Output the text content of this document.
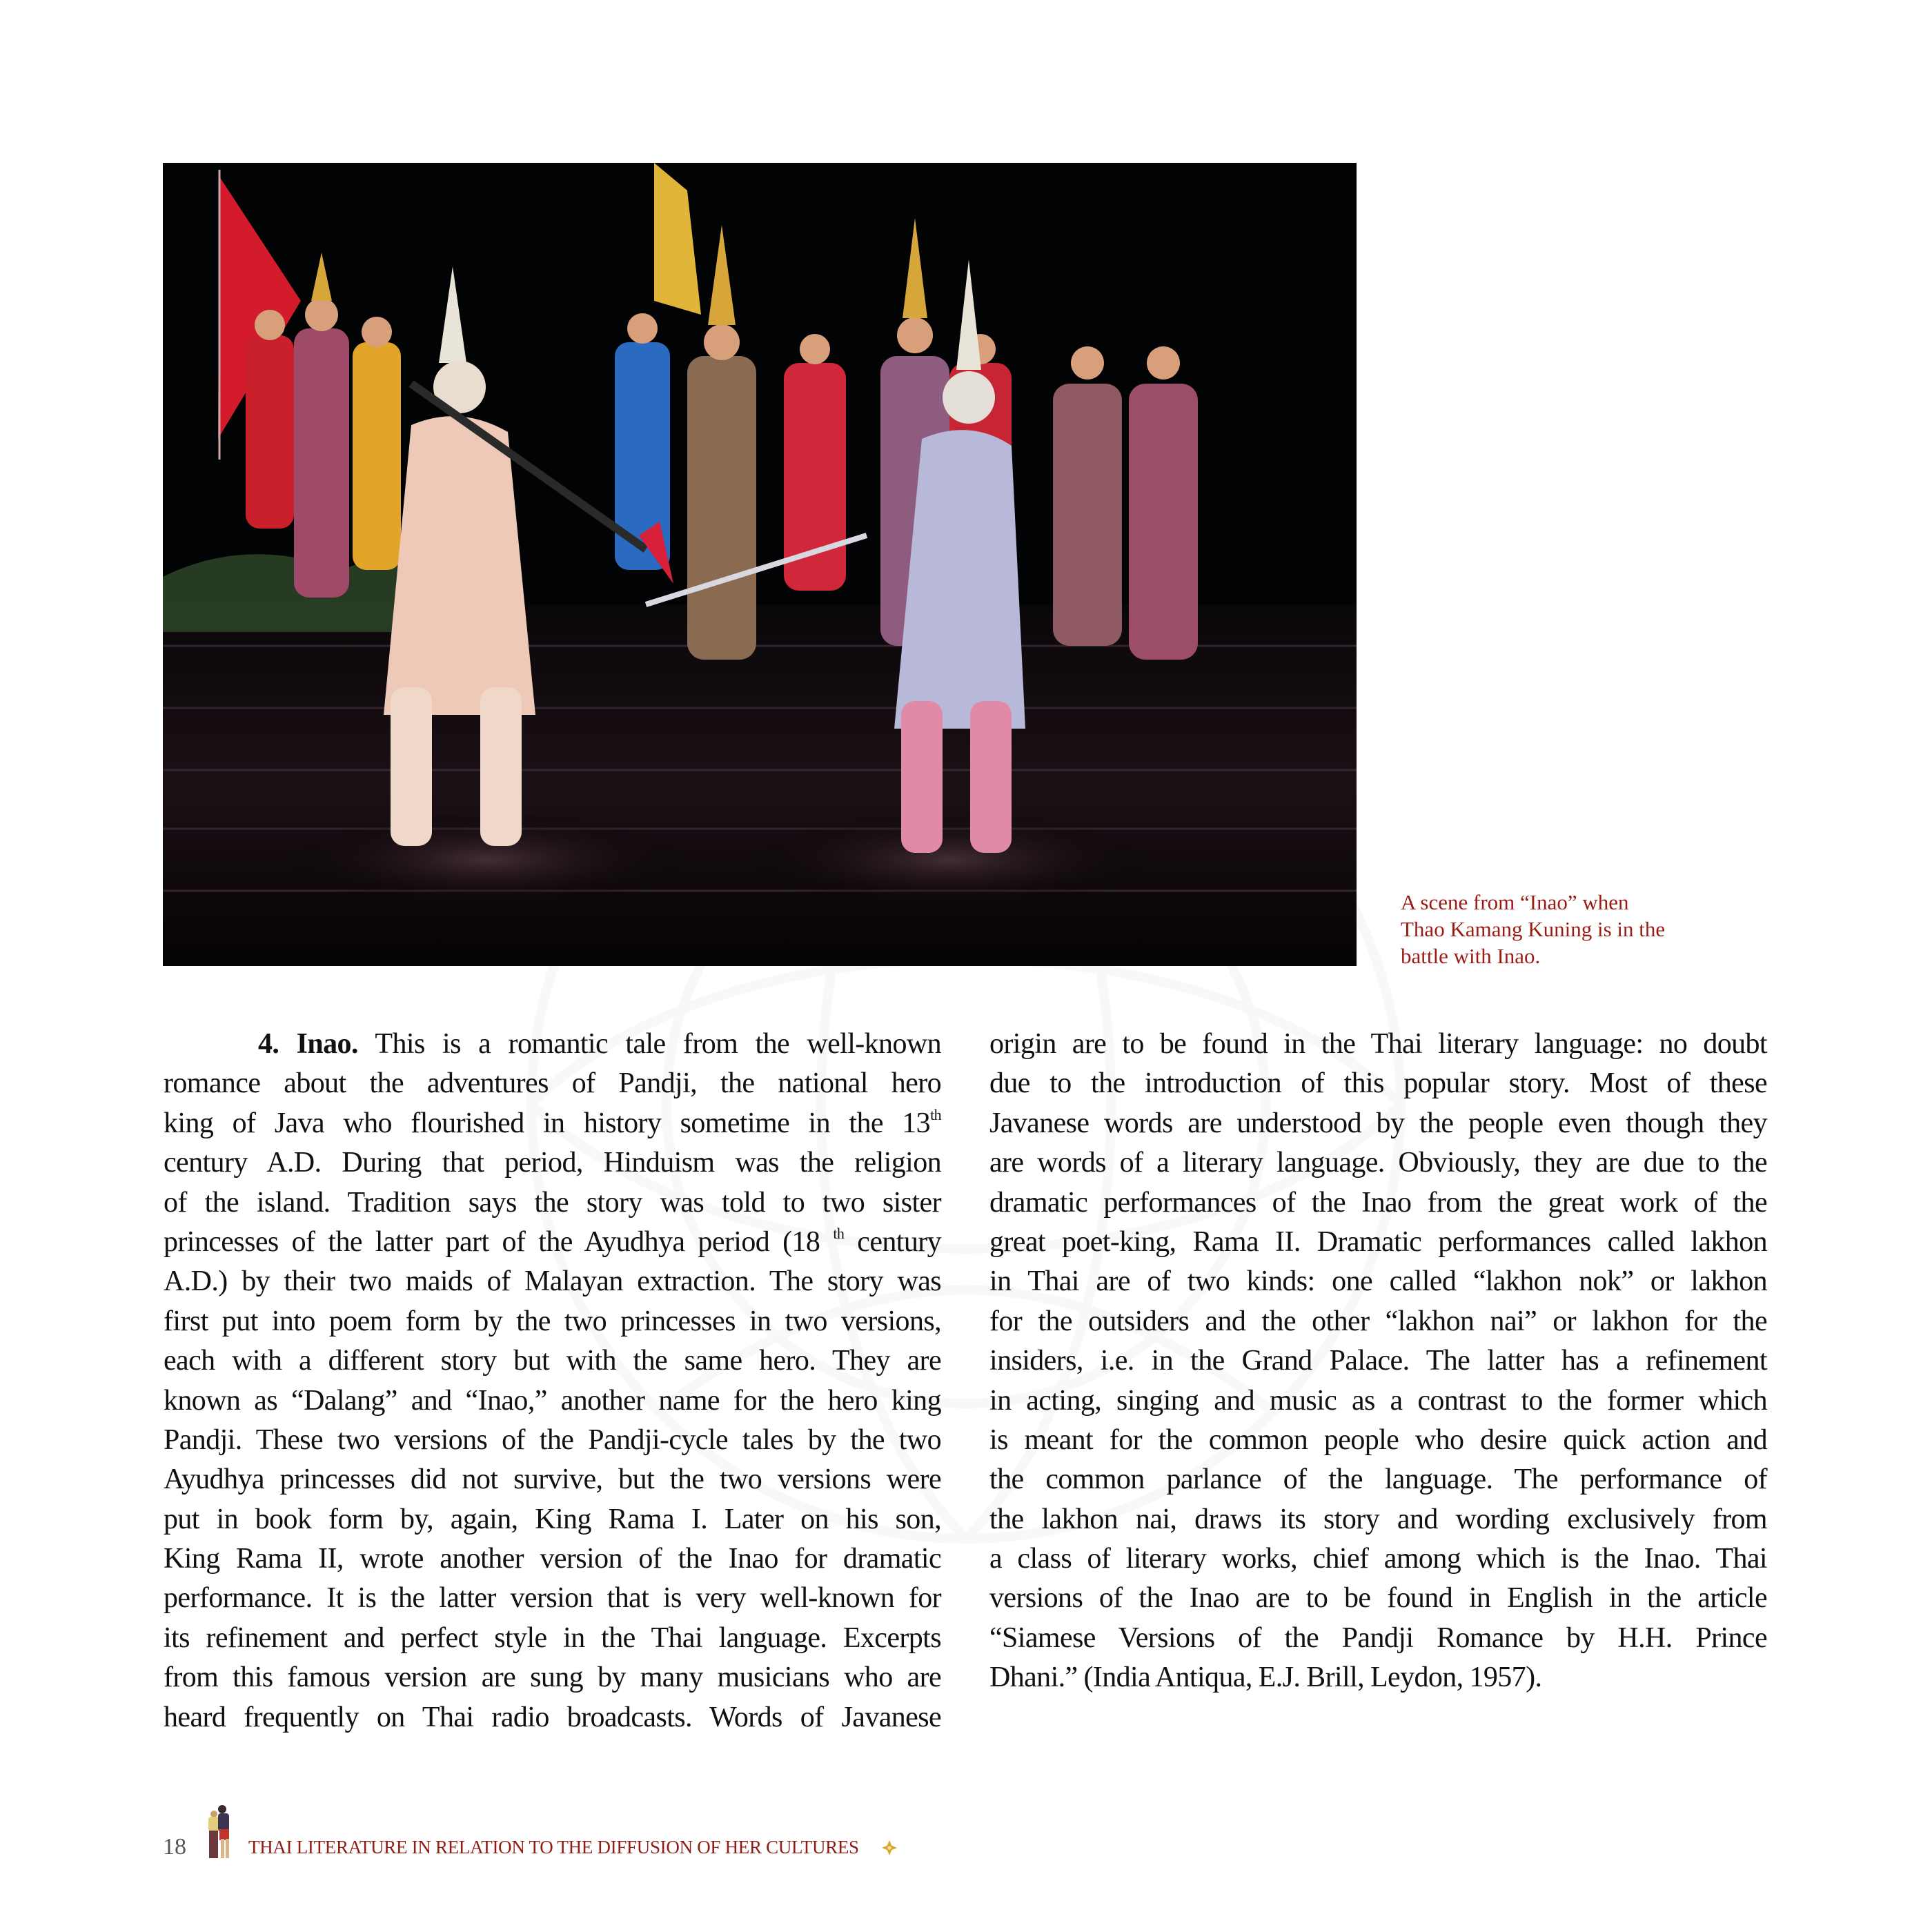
A scene from “Inao” when
Thao Kamang Kuning is in the
battle with Inao.
4. Inao. This is a romantic tale from the well-known
romance about the adventures of Pandji, the national hero
king of Java who flourished in history sometime in the 13th
century A.D. During that period, Hinduism was the religion
of the island. Tradition says the story was told to two sister
princesses of the latter part of the Ayudhya period (18 $^{th}$ century
A.D.) by their two maids of Malayan extraction. The story was
first put into poem form by the two princesses in two versions,
each with a different story but with the same hero. They are
known as “Dalang” and “Inao,” another name for the hero king
Pandji. These two versions of the Pandji-cycle tales by the two
Ayudhya princesses did not survive, but the two versions were
put in book form by, again, King Rama I. Later on his son,
King Rama II, wrote another version of the Inao for dramatic
performance. It is the latter version that is very well-known for
its refinement and perfect style in the Thai language. Excerpts
from this famous version are sung by many musicians who are
heard frequently on Thai radio broadcasts. Words of Javanese
origin are to be found in the Thai literary language: no doubt
due to the introduction of this popular story. Most of these
Javanese words are understood by the people even though they
are words of a literary language. Obviously, they are due to the
dramatic performances of the Inao from the great work of the
great poet-king, Rama II. Dramatic performances called lakhon
in Thai are of two kinds: one called “lakhon nok” or lakhon
for the outsiders and the other “lakhon nai” or lakhon for the
insiders, i.e. in the Grand Palace. The latter has a refinement
in acting, singing and music as a contrast to the former which
is meant for the common people who desire quick action and
the common parlance of the language. The performance of
the lakhon nai, draws its story and wording exclusively from
a class of literary works, chief among which is the Inao. Thai
versions of the Inao are to be found in English in the article
“Siamese Versions of the Pandji Romance by H.H. Prince
Dhani.” (India Antiqua, E.J. Brill, Leydon, 1957).
18	THAI LITERATURE IN RELATION TO THE DIFFUSION OF HER CULTURES
